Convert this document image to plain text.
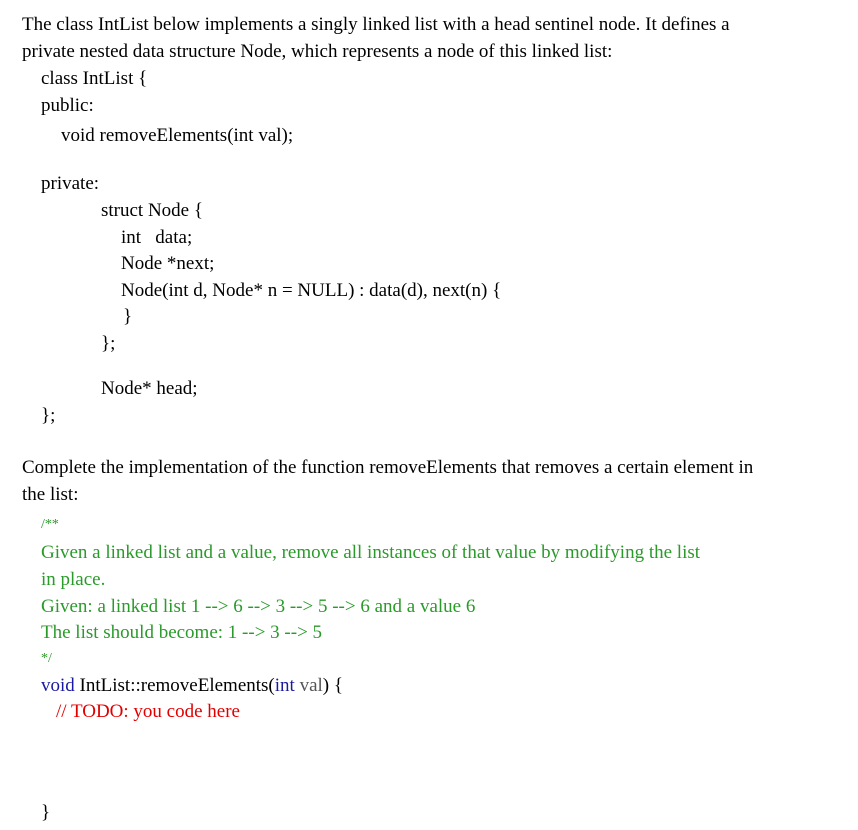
The class IntList below implements a singly linked list with a head sentinel node. It defines a
private nested data structure Node, which represents a node of this linked list:
class IntList {
public:
void removeElements(int val);
private:
struct Node {
int   data;
Node *next;
Node(int d, Node* n = NULL) : data(d), next(n) {
}
};
Node* head;
};
Complete the implementation of the function removeElements that removes a certain element in
the list:
/**
Given a linked list and a value, remove all instances of that value by modifying the list
in place.
Given: a linked list 1 --> 6 --> 3 --> 5 --> 6 and a value 6
The list should become: 1 --> 3 --> 5
*/
void IntList::removeElements(int val) {
// TODO: you code here
}
